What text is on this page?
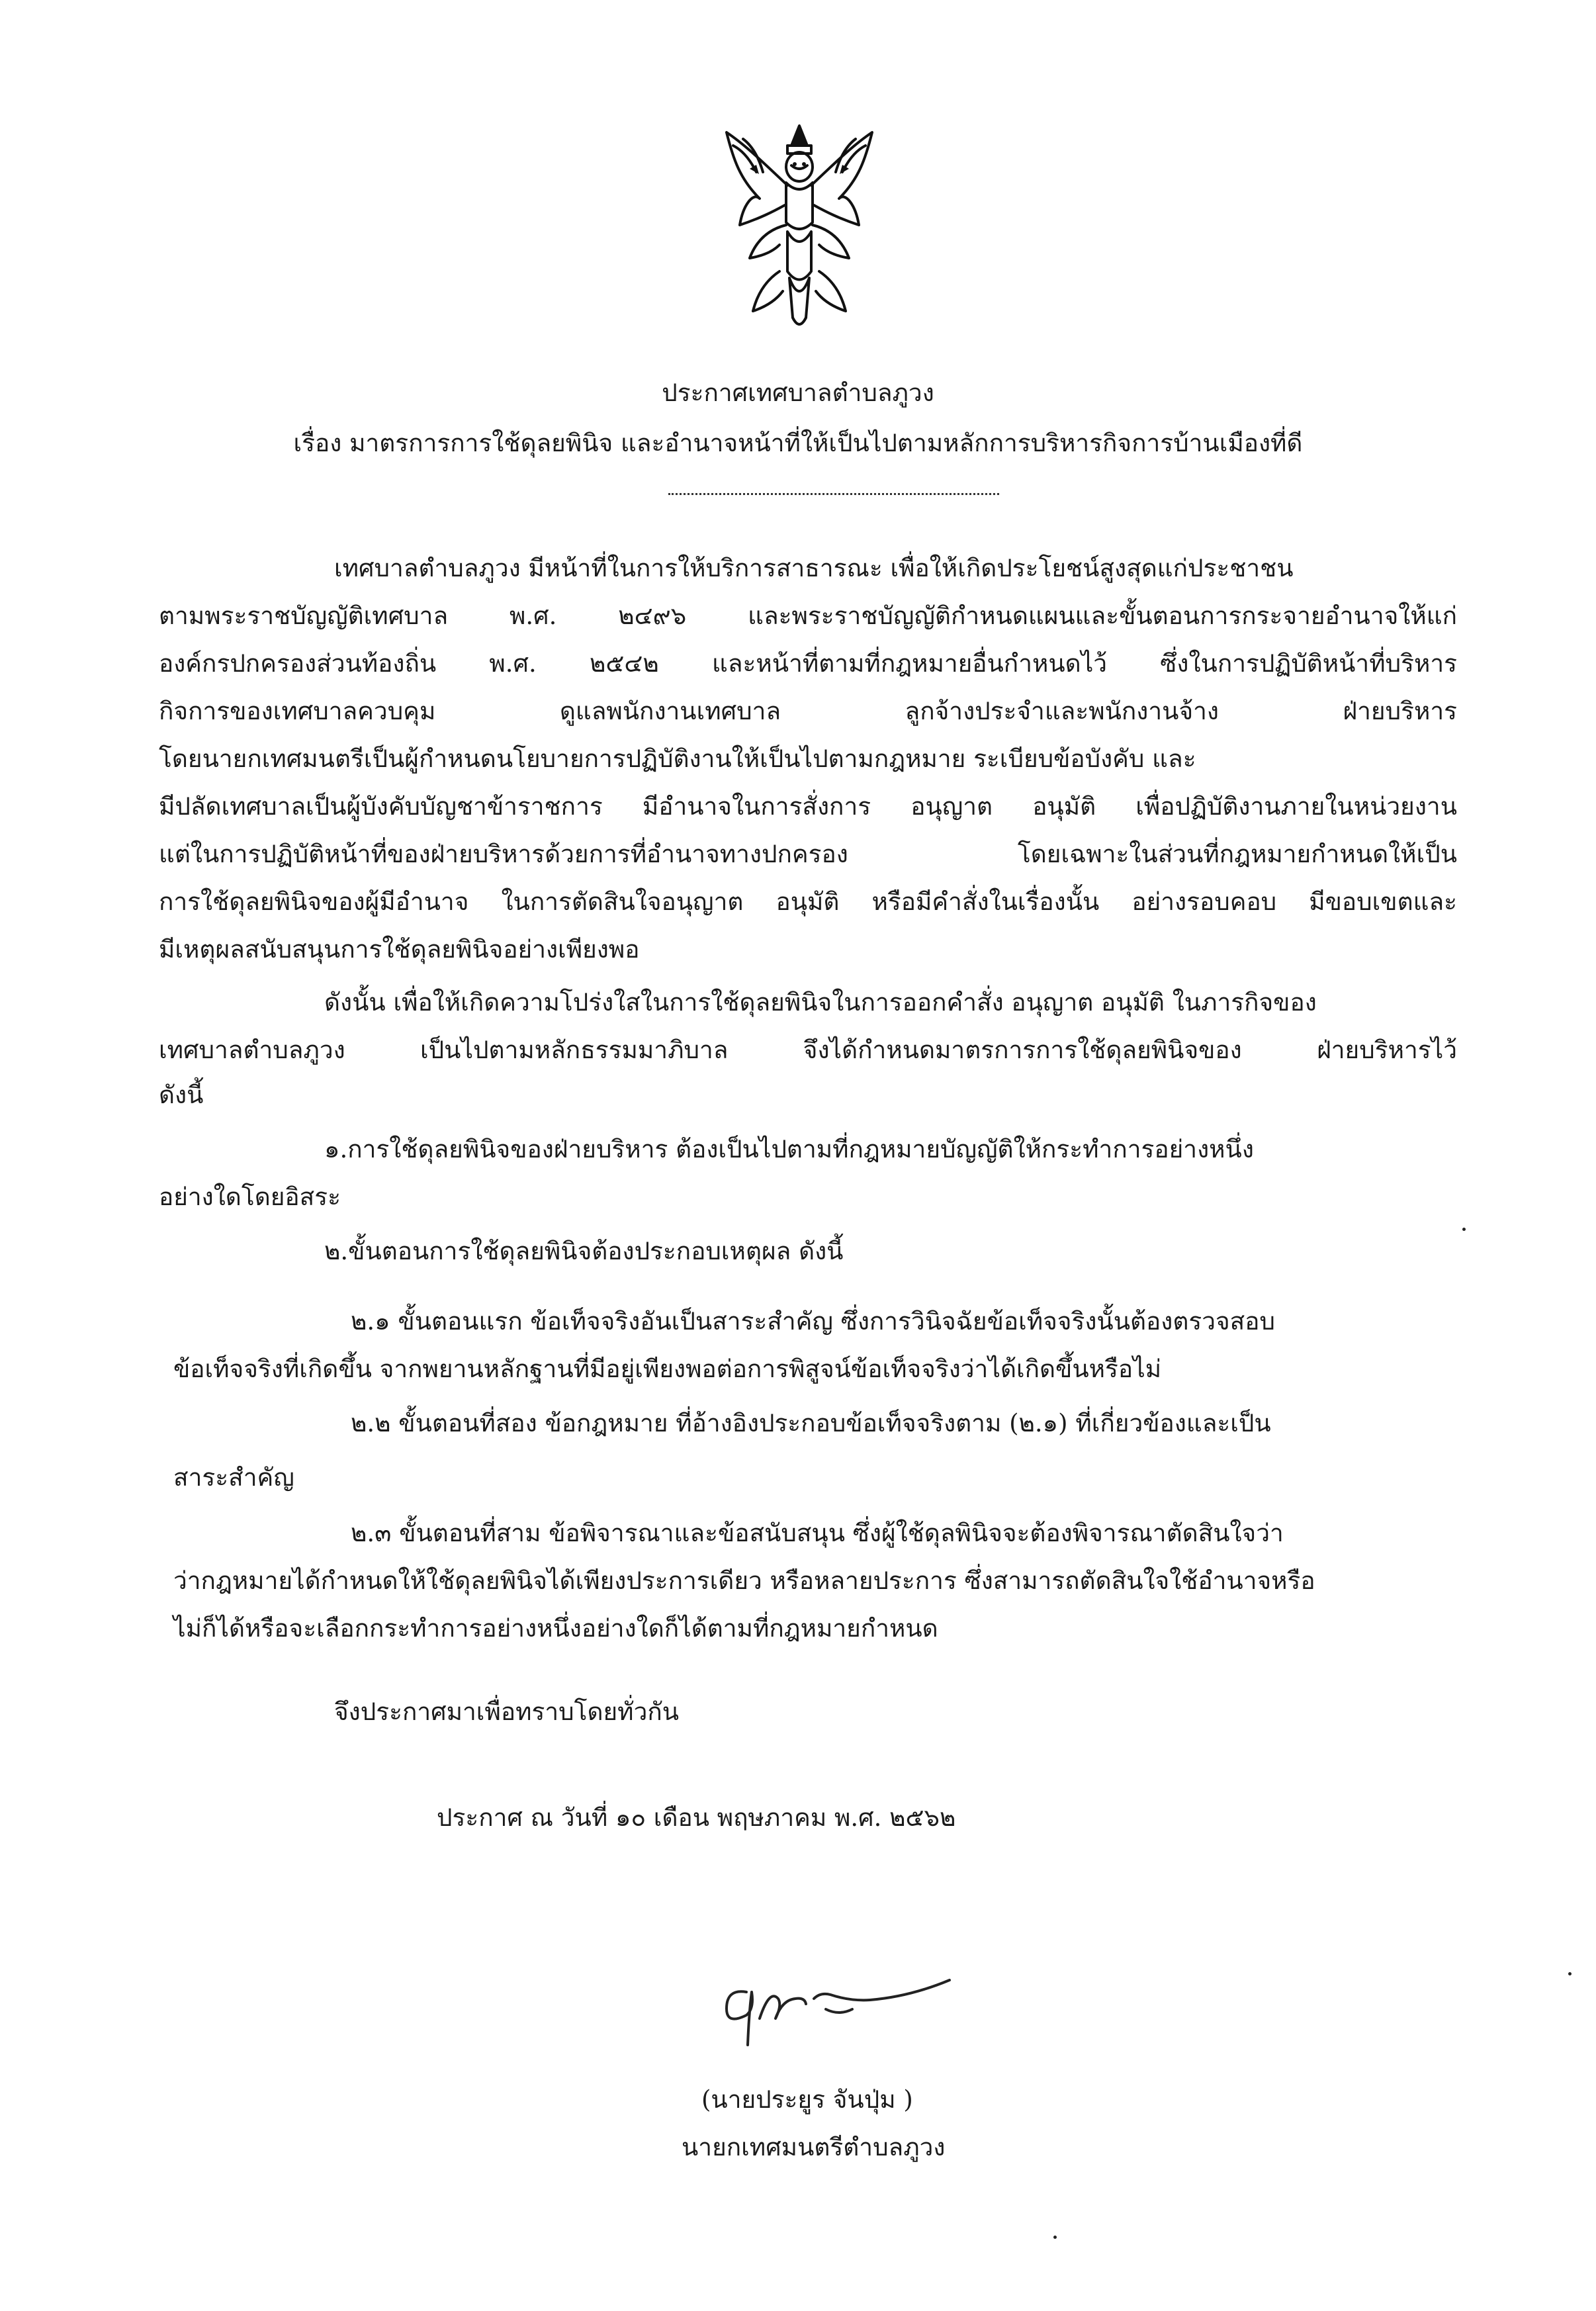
ประกาศเทศบาลตำบลภูวง
เรื่อง มาตรการการใช้ดุลยพินิจ และอำนาจหน้าที่ให้เป็นไปตามหลักการบริหารกิจการบ้านเมืองที่ดี
เทศบาลตำบลภูวง มีหน้าที่ในการให้บริการสาธารณะ เพื่อให้เกิดประโยชน์สูงสุดแก่ประชาชน
ตามพระราชบัญญัติเทศบาล พ.ศ. ๒๔๙๖ และพระราชบัญญัติกำหนดแผนและขั้นตอนการกระจายอำนาจให้แก่
องค์กรปกครองส่วนท้องถิ่น พ.ศ. ๒๕๔๒ และหน้าที่ตามที่กฎหมายอื่นกำหนดไว้ ซึ่งในการปฏิบัติหน้าที่บริหาร
กิจการของเทศบาลควบคุม ดูแลพนักงานเทศบาล ลูกจ้างประจำและพนักงานจ้าง ฝ่ายบริหาร
โดยนายกเทศมนตรีเป็นผู้กำหนดนโยบายการปฏิบัติงานให้เป็นไปตามกฎหมาย ระเบียบข้อบังคับ และ
มีปลัดเทศบาลเป็นผู้บังคับบัญชาข้าราชการ มีอำนาจในการสั่งการ อนุญาต อนุมัติ เพื่อปฏิบัติงานภายในหน่วยงาน
แต่ในการปฏิบัติหน้าที่ของฝ่ายบริหารด้วยการที่อำนาจทางปกครอง โดยเฉพาะในส่วนที่กฎหมายกำหนดให้เป็น
การใช้ดุลยพินิจของผู้มีอำนาจ ในการตัดสินใจอนุญาต อนุมัติ หรือมีคำสั่งในเรื่องนั้น อย่างรอบคอบ มีขอบเขตและ
มีเหตุผลสนับสนุนการใช้ดุลยพินิจอย่างเพียงพอ
ดังนั้น เพื่อให้เกิดความโปร่งใสในการใช้ดุลยพินิจในการออกคำสั่ง อนุญาต อนุมัติ ในภารกิจของ
เทศบาลตำบลภูวง เป็นไปตามหลักธรรมมาภิบาล จึงได้กำหนดมาตรการการใช้ดุลยพินิจของ ฝ่ายบริหารไว้
ดังนี้
๑.การใช้ดุลยพินิจของฝ่ายบริหาร ต้องเป็นไปตามที่กฎหมายบัญญัติให้กระทำการอย่างหนึ่ง
อย่างใดโดยอิสระ
๒.ขั้นตอนการใช้ดุลยพินิจต้องประกอบเหตุผล ดังนี้
๒.๑ ขั้นตอนแรก ข้อเท็จจริงอันเป็นสาระสำคัญ ซึ่งการวินิจฉัยข้อเท็จจริงนั้นต้องตรวจสอบ
ข้อเท็จจริงที่เกิดขึ้น จากพยานหลักฐานที่มีอยู่เพียงพอต่อการพิสูจน์ข้อเท็จจริงว่าได้เกิดขึ้นหรือไม่
๒.๒ ขั้นตอนที่สอง ข้อกฎหมาย ที่อ้างอิงประกอบข้อเท็จจริงตาม (๒.๑) ที่เกี่ยวข้องและเป็น
สาระสำคัญ
๒.๓ ขั้นตอนที่สาม ข้อพิจารณาและข้อสนับสนุน ซึ่งผู้ใช้ดุลพินิจจะต้องพิจารณาตัดสินใจว่า
ว่ากฎหมายได้กำหนดให้ใช้ดุลยพินิจได้เพียงประการเดียว หรือหลายประการ ซึ่งสามารถตัดสินใจใช้อำนาจหรือ
ไม่ก็ได้หรือจะเลือกกระทำการอย่างหนึ่งอย่างใดก็ได้ตามที่กฎหมายกำหนด
จึงประกาศมาเพื่อทราบโดยทั่วกัน
ประกาศ ณ วันที่ ๑๐ เดือน พฤษภาคม พ.ศ. ๒๕๖๒
(นายประยูร จันปุ่ม )
นายกเทศมนตรีตำบลภูวง
